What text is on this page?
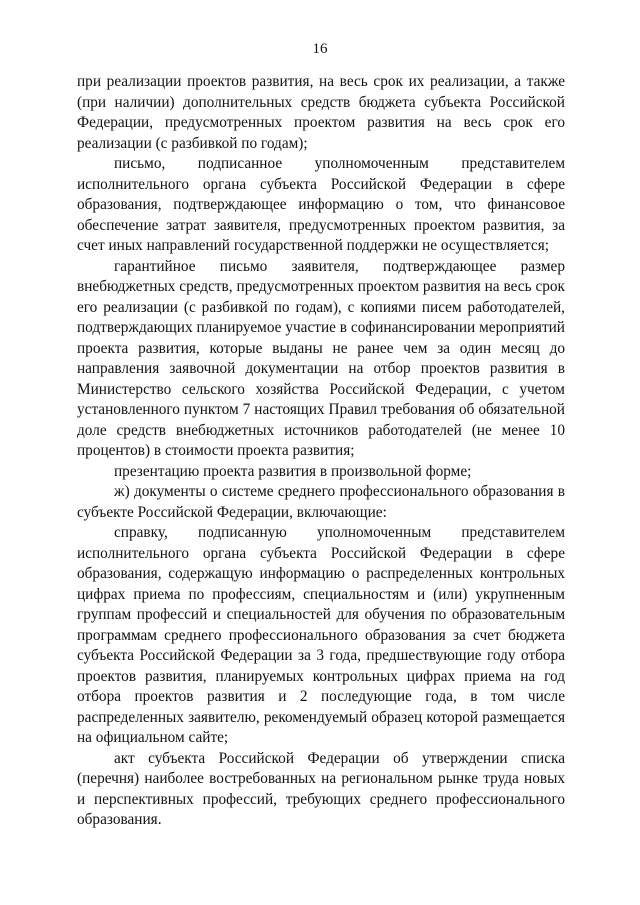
16

при реализации проектов развития, на весь срок их реализации, а также (при наличии) дополнительных средств бюджета субъекта Российской Федерации, предусмотренных проектом развития на весь срок его реализации (с разбивкой по годам);

письмо, подписанное уполномоченным представителем исполнительного органа субъекта Российской Федерации в сфере образования, подтверждающее информацию о том, что финансовое обеспечение затрат заявителя, предусмотренных проектом развития, за счет иных направлений государственной поддержки не осуществляется;

гарантийное письмо заявителя, подтверждающее размер внебюджетных средств, предусмотренных проектом развития на весь срок его реализации (с разбивкой по годам), с копиями писем работодателей, подтверждающих планируемое участие в софинансировании мероприятий проекта развития, которые выданы не ранее чем за один месяц до направления заявочной документации на отбор проектов развития в Министерство сельского хозяйства Российской Федерации, с учетом установленного пунктом 7 настоящих Правил требования об обязательной доле средств внебюджетных источников работодателей (не менее 10 процентов) в стоимости проекта развития;

презентацию проекта развития в произвольной форме;

ж) документы о системе среднего профессионального образования в субъекте Российской Федерации, включающие:

справку, подписанную уполномоченным представителем исполнительного органа субъекта Российской Федерации в сфере образования, содержащую информацию о распределенных контрольных цифрах приема по профессиям, специальностям и (или) укрупненным группам профессий и специальностей для обучения по образовательным программам среднего профессионального образования за счет бюджета субъекта Российской Федерации за 3 года, предшествующие году отбора проектов развития, планируемых контрольных цифрах приема на год отбора проектов развития и 2 последующие года, в том числе распределенных заявителю, рекомендуемый образец которой размещается на официальном сайте;

акт субъекта Российской Федерации об утверждении списка (перечня) наиболее востребованных на региональном рынке труда новых и перспективных профессий, требующих среднего профессионального образования.
